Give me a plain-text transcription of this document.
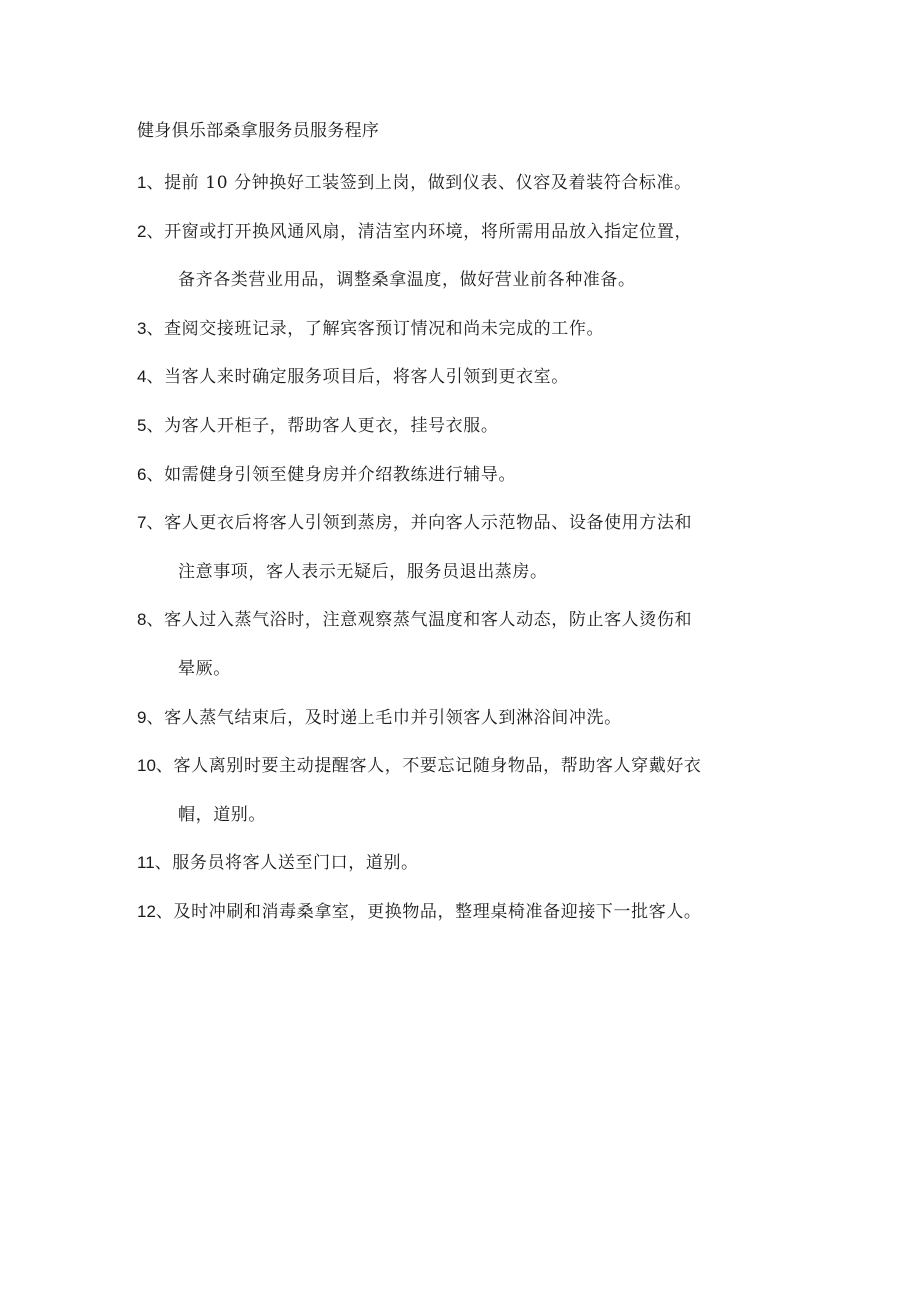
健身俱乐部桑拿服务员服务程序
1、提前 10 分钟换好工装签到上岗，做到仪表、仪容及着装符合标准。
2、开窗或打开换风通风扇，清洁室内环境，将所需用品放入指定位置，
备齐各类营业用品，调整桑拿温度，做好营业前各种准备。
3、查阅交接班记录，了解宾客预订情况和尚未完成的工作。
4、当客人来时确定服务项目后，将客人引领到更衣室。
5、为客人开柜子，帮助客人更衣，挂号衣服。
6、如需健身引领至健身房并介绍教练进行辅导。
7、客人更衣后将客人引领到蒸房，并向客人示范物品、设备使用方法和
注意事项，客人表示无疑后，服务员退出蒸房。
8、客人过入蒸气浴时，注意观察蒸气温度和客人动态，防止客人烫伤和
晕厥。
9、客人蒸气结束后，及时递上毛巾并引领客人到淋浴间冲洗。
10、客人离别时要主动提醒客人，不要忘记随身物品，帮助客人穿戴好衣
帽，道别。
11、服务员将客人送至门口，道别。
12、及时冲刷和消毒桑拿室，更换物品，整理桌椅准备迎接下一批客人。
